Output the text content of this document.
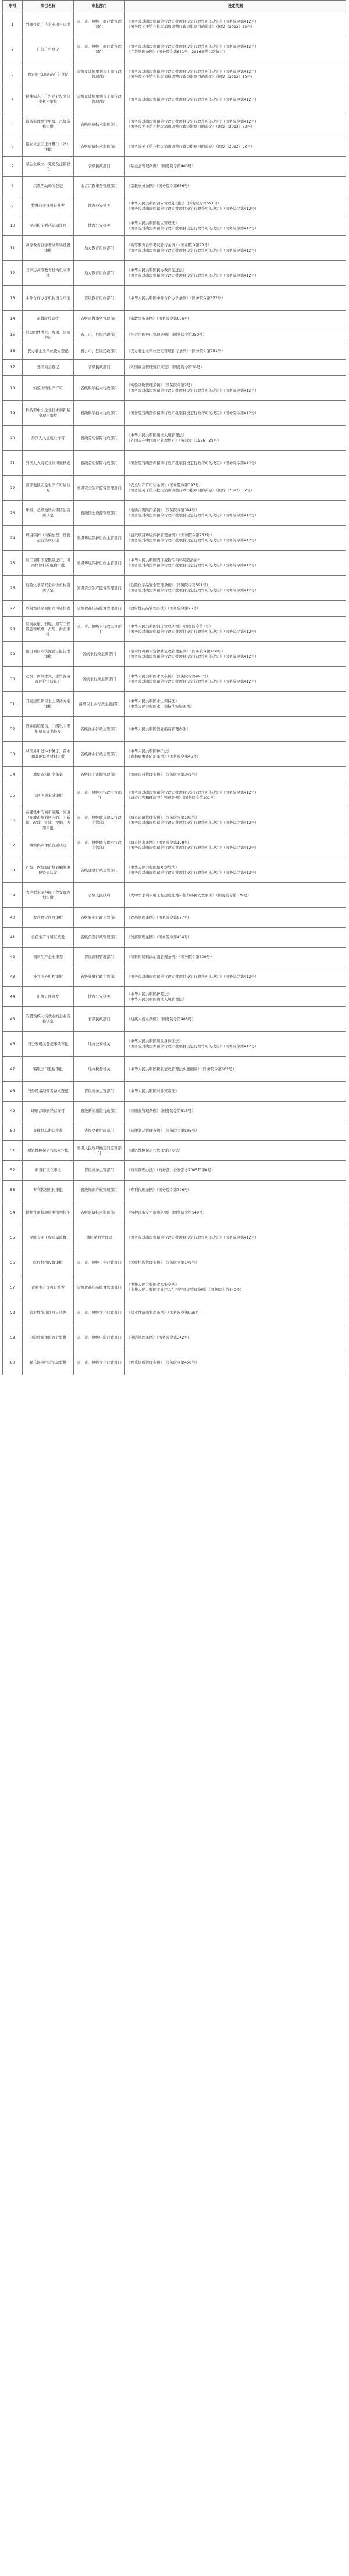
序号	项目名称	审批部门	设定依据
1	外商投资广告企业项目审批	省、市、县级工商行政管理部门	《国务院对确需保留的行政审批项目设定行政许可的决定》（国务院令第412号）
《国务院关于第六批取消和调整行政审批项目的决定》（国发〔2012〕52号）

2	户外广告登记	省、市、县级工商行政管理部门	《国务院对确需保留的行政审批项目设定行政许可的决定》（国务院令第412号）
《广告管理条例》（国务院令第681号，2016年第二次修订）

3	固定形式印刷品广告登记	省级及计划单列市工商行政管理部门	《国务院对确需保留的行政审批项目设定行政许可的决定》（国务院令第412号）
《国务院关于第六批取消和调整行政审批项目的决定》（国发〔2012〕52号）

4	特殊标志、广告企业设立分支机构审批	省级及计划单列市工商行政管理部门	《国务院对确需保留的行政审批项目设定行政许可的决定》（国务院令第412号）

5	设备监理单位甲级、乙级资格审批	省级质量技术监督部门	《国务院对确需保留的行政审批项目设定行政许可的决定》（国务院令第412号）
《国务院关于第六批取消和调整行政审批项目的决定》（国发〔2012〕52号）

6	建立社会公正计量行（站）审批	省级质量技术监督部门	《国务院关于第六批取消和调整行政审批项目的决定》（国发〔2012〕52号）

7	基金会设立、变更及注销登记	省级民政部门	《基金会管理条例》（国务院令第400号）

8	宗教活动场所登记	地方宗教事务管理部门	《宗教事务条例》（国务院令第686号）

9	特殊行业许可证核发	地方公安机关	《中华人民共和国治安管理处罚法》（国务院令第591号）
《国务院对确需保留的行政审批项目设定行政许可的决定》（国务院令第412号）

10	民用枪支弹药运输许可	地方公安机关	《中华人民共和国枪支管理法》
《国务院对确需保留的行政审批项目设定行政许可的决定》（国务院令第412号）

11	高等教育自学考试考场设置审批	地方教育行政部门	《高等教育自学考试暂行条例》（国务院令第93号）
《国务院对确需保留的行政审批项目设定行政许可的决定》（国务院令第412号）

12	非学历高等教育机构设立审批	地方教育行政部门	《中华人民共和国民办教育促进法》
《国务院对确需保留的行政审批项目设定行政许可的决定》（国务院令第412号）

13	中外合作办学机构设立审批	省级教育行政部门	《中华人民共和国中外合作办学条例》（国务院令第372号）

14	宗教院校审批	省级宗教事务管理部门	《宗教事务条例》（国务院令第686号）

15	社会团体成立、变更、注销登记	省、市、县级民政部门	《社会团体登记管理条例》（国务院令第250号）

16	民办非企业单位设立登记	省、市、县级民政部门	《民办非企业单位登记管理暂行条例》（国务院令第251号）

17	外国商会登记	省级民政部门	《外国商会管理暂行规定》（国务院令第36号）

18	实验动物生产许可	省级科学技术行政部门	《实验动物管理条例》（国务院令第2号）
《国务院对确需保留的行政审批项目设定行政许可的决定》（国务院令第412号）

19	科技型中小企业技术创新基金项目审批	省级科学技术行政部门	《国务院对确需保留的行政审批项目设定行政许可的决定》（国务院令第412号）

20	外国人入境就业许可	省级劳动保障行政部门	《中华人民共和国出境入境管理法》
《外国人在中国就业管理规定》（劳部发〔1996〕29号）

21	外国人入境就业许可证核发	省级劳动保障行政部门	《国务院对确需保留的行政审批项目设定行政许可的决定》（国务院令第412号）

22	西部地区安全生产许可证核发	省级安全生产监督管理部门	《安全生产许可证条例》（国务院令第397号）
《国务院关于第六批取消和调整行政审批项目的决定》（国发〔2012〕52号）

23	甲级、乙级地质灾害防治资质认定	省级国土资源管理部门	《地质灾害防治条例》（国务院令第394号）
《国务院对确需保留的行政审批项目设定行政许可的决定》（国务院令第412号）

24	环境保护（污染治理）设施运营资质认定	省级环境保护行政主管部门	《建设项目环境保护管理条例》（国务院令第253号）
《国务院对确需保留的行政审批项目设定行政许可的决定》（国务院令第412号）

25	加工利用国家限制进口、可用作原料的废物审批	省级环境保护行政主管部门	《中华人民共和国固体废物污染环境防治法》
《国务院对确需保留的行政审批项目设定行政许可的决定》（国务院令第412号）

26	危险化学品安全评价机构资质认定	省级安全生产监督管理部门	《危险化学品安全管理条例》（国务院令第591号）
《国务院对确需保留的行政审批项目设定行政许可的决定》（国务院令第412号）

27	放射性药品使用许可证核发	省级食品药品监督管理部门	《放射性药品管理办法》（国务院令第25号）

28	江河故道、旧堤、原有工程设施等填堵、占用、拆毁审批	省、市、县级水行政主管部门	《中华人民共和国河道管理条例》（国务院令第3号）
《国务院对确需保留的行政审批项目设定行政许可的决定》（国务院令第412号）

29	建设项目水资源论证报告书审批	省级水行政主管部门	《取水许可和水资源费征收管理条例》（国务院令第460号）
《国务院对确需保留的行政审批项目设定行政许可的决定》（国务院令第412号）

30	乙级、丙级水文、水资源调查评价资质认定	省级水行政主管部门	《中华人民共和国水文条例》（国务院令第496号）
《国务院对确需保留的行政审批项目设定行政许可的决定》（国务院令第412号）

31	开发建设项目水土保持方案审批	县级以上水行政主管部门	《中华人民共和国水土保持法》
《中华人民共和国水土保持法实施条例》

32	渔业船舶船员、二级以下渔船船员证书核发	省级渔业行政主管部门	《中华人民共和国渔业船员管理办法》

33	从国外引进林木种子、苗木和其他繁殖材料审批	省级林业行政主管部门	《中华人民共和国种子法》
《森林病虫害防治条例》（国务院令第46号）

34	地质资料汇交备案	省级国土资源管理部门	《地质资料管理条例》（国务院令第349号）

35	市区河道采砂审批	省、市、县级水行政主管部门	《国务院对确需保留的行政审批项目设定行政许可的决定》（国务院令第412号）
《城市市容和环境卫生管理条例》（国务院令第101号）

36	在建设中的城市道路、河道（在城市规划区内的）上新建、改建、扩建、挖掘、占用审批	省、市、县级城市建设行政主管部门	《城市道路管理条例》（国务院令第198号）
《国务院对确需保留的行政审批项目设定行政许可的决定》（国务院令第412号）

37	城镇供水单位资质认定	省、市、县级城市供水行政主管部门	《城市供水条例》（国务院令第158号）
《国务院对确需保留的行政审批项目设定行政许可的决定》（国务院令第412号）

38	乙级、丙级城市规划编制单位资质认定	省级建设行政主管部门	《中华人民共和国城乡规划法》
《国务院对确需保留的行政审批项目设定行政许可的决定》（国务院令第412号）

39	大中型水库移民工程安置规划审批	省级人民政府	《大中型水利水电工程建设征地补偿和移民安置条例》（国务院令第679号）

40	农药登记许可审批	省级农业行政主管部门	《农药管理条例》（国务院令第677号）

41	兽药生产许可证核发	省级兽医行政管理部门	《兽药管理条例》（国务院令第404号）

42	饲料生产企业审查	省级饲料管理部门	《饲料和饲料添加剂管理条例》（国务院令第609号）

43	设立国外机构审批	省级外事行政主管部门	《国务院对确需保留的行政审批项目设定行政许可的决定》（国务院令第412号）

44	出境证件签发	地方公安机关	《中华人民共和国护照法》
《中华人民共和国出境入境管理法》

45	安置残疾人员就业的企业资格认定	省级民政部门	《残疾人就业条例》（国务院令第488号）

46	对公安机关登记事项审批	地方公安机关	《中华人民共和国居民身份证法》
《国务院对确需保留的行政审批项目设定行政许可的决定》（国务院令第412号）

47	骗取出口退税审批	地方税务机关	《中华人民共和国税收征收管理法实施细则》（国务院令第362号）

48	对外贸易经营者备案登记	省级商务主管部门	《中华人民共和国对外贸易法》

49	印刷品印刷经营许可	省级新闻出版行政部门	《印刷业管理条例》（国务院令第315号）

50	音像制品进口批准	省级文化行政部门	《音像制品管理条例》（国务院令第595号）

51	融资性担保公司设立审批	省级人民政府确定的监管部门	《融资性担保公司管理暂行办法》

52	典当行设立审批	省级商务主管部门	《典当管理办法》（商务部、公安部令2005年第8号）

53	专利代理机构审批	省级知识产权管理部门	《专利代理条例》（国务院令第706号）

54	特种设备检验检测机构核准	省级质量技术监督部门	《特种设备安全监察条例》（国务院令第549号）

55	民航专业工程质量监督	地区民航管理局	《国务院对确需保留的行政审批项目设定行政许可的决定》（国务院令第412号）

56	医疗机构设置审批	省、市、县级卫生行政部门	《医疗机构管理条例》（国务院令第149号）

57	食品生产许可证核发	省级食品药品监督管理部门	《中华人民共和国食品安全法》
《中华人民共和国工业产品生产许可证管理条例》（国务院令第440号）

58	营业性演出许可证核发	省、市、县级文化行政部门	《营业性演出管理条例》（国务院令第666号）

59	电影放映单位设立审批	省、市、县级电影行政部门	《电影管理条例》（国务院令第342号）

60	娱乐场所经营活动审批	省、市、县级文化行政部门	《娱乐场所管理条例》（国务院令第458号）
